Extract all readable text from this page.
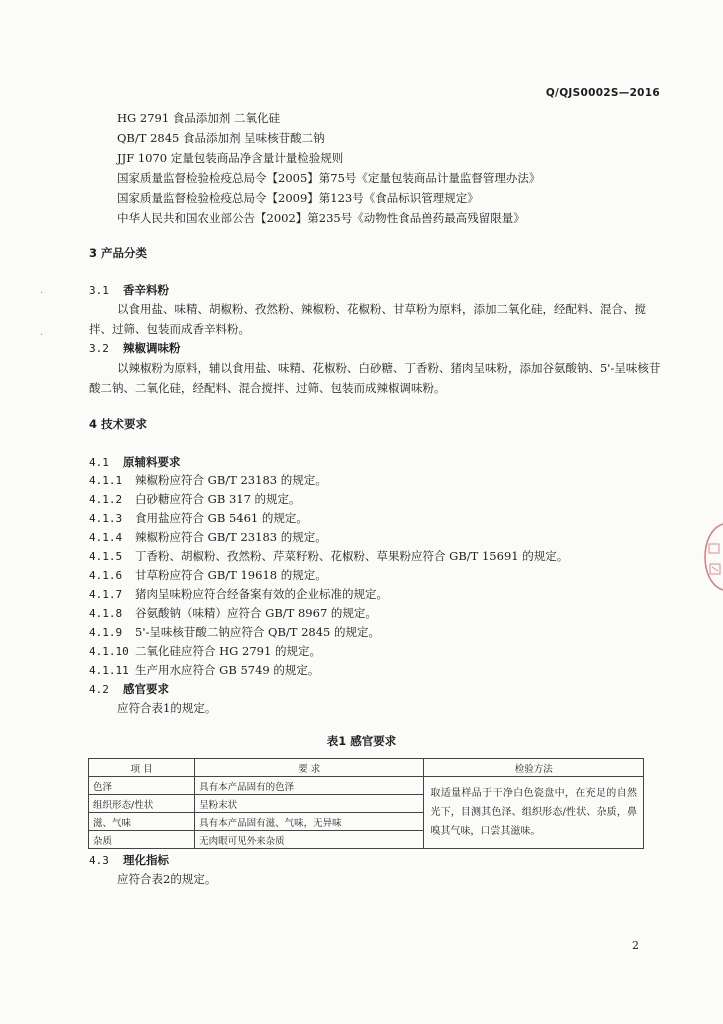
Q/QJS0002S—2016
HG 2791 食品添加剂 二氧化硅
QB/T 2845 食品添加剂 呈味核苷酸二钠
JJF 1070 定量包装商品净含量计量检验规则
国家质量监督检验检疫总局令【2005】第75号《定量包装商品计量监督管理办法》
国家质量监督检验检疫总局令【2009】第123号《食品标识管理规定》
中华人民共和国农业部公告【2002】第235号《动物性食品兽药最高残留限量》
3 产品分类
3.1 香辛料粉
以食用盐、味精、胡椒粉、孜然粉、辣椒粉、花椒粉、甘草粉为原料，添加二氧化硅，经配料、混合、搅拌、过筛、包装而成香辛料粉。
3.2 辣椒调味粉
以辣椒粉为原料，辅以食用盐、味精、花椒粉、白砂糖、丁香粉、猪肉呈味粉，添加谷氨酸钠、5'-呈味核苷酸二钠、二氧化硅，经配料、混合搅拌、过筛、包装而成辣椒调味粉。
4 技术要求
4.1 原辅料要求
4.1.1 辣椒粉应符合 GB/T 23183 的规定。
4.1.2 白砂糖应符合 GB 317 的规定。
4.1.3 食用盐应符合 GB 5461 的规定。
4.1.4 辣椒粉应符合 GB/T 23183 的规定。
4.1.5 丁香粉、胡椒粉、孜然粉、芹菜籽粉、花椒粉、草果粉应符合 GB/T 15691 的规定。
4.1.6 甘草粉应符合 GB/T 19618 的规定。
4.1.7 猪肉呈味粉应符合经备案有效的企业标准的规定。
4.1.8 谷氨酸钠（味精）应符合 GB/T 8967 的规定。
4.1.9 5'-呈味核苷酸二钠应符合 QB/T 2845 的规定。
4.1.10 二氧化硅应符合 HG 2791 的规定。
4.1.11 生产用水应符合 GB 5749 的规定。
4.2 感官要求
应符合表1的规定。
表1 感官要求
项 目	要 求	检验方法
色泽	具有本产品固有的色泽	取适量样品于干净白色瓷盘中，在充足的自然光下，目测其色泽、组织形态/性状、杂质，鼻嗅其气味，口尝其滋味。
组织形态/性状	呈粉末状	
滋、气味	具有本产品固有滋、气味，无异味	
杂质	无肉眼可见外来杂质	
4.3 理化指标
应符合表2的规定。
2
·
·
